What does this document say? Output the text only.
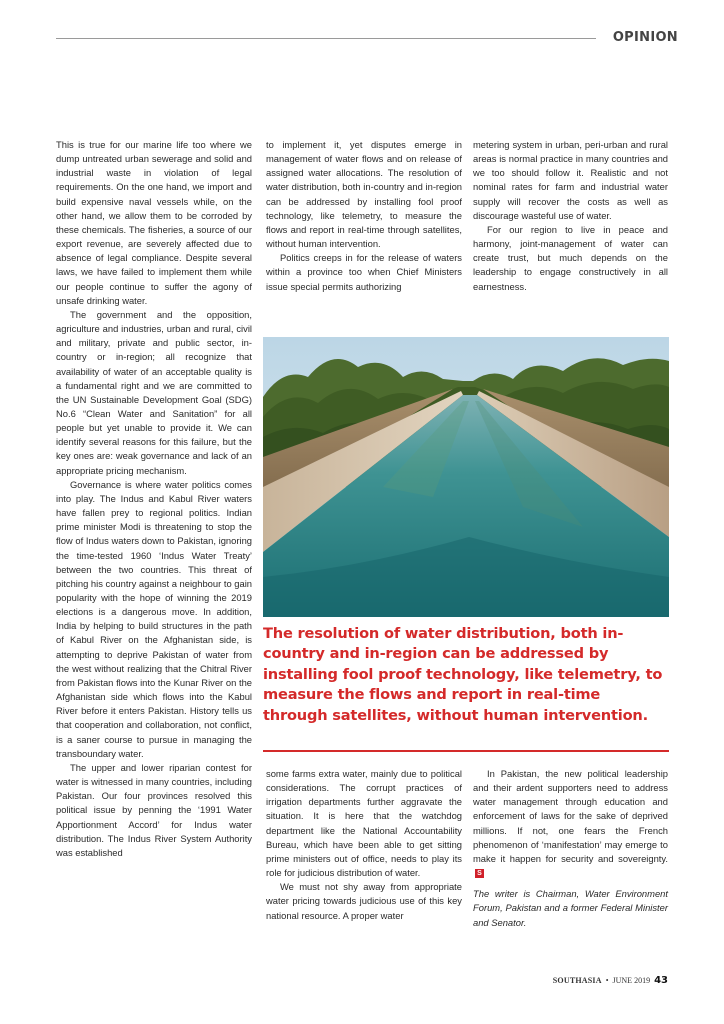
OPINION

This is true for our marine life too where we dump untreated urban sewerage and solid and industrial waste in violation of legal requirements. On the one hand, we import and build expensive naval vessels while, on the other hand, we allow them to be corroded by these chemicals. The fisheries, a source of our export revenue, are severely affected due to absence of legal compliance. Despite several laws, we have failed to implement them while our people continue to suffer the agony of unsafe drinking water.

The government and the opposition, agriculture and industries, urban and rural, civil and military, private and public sector, in-country or in-region; all recognize that availability of water of an acceptable quality is a fundamental right and we are committed to the UN Sustainable Development Goal (SDG) No.6 “Clean Water and Sanitation” for all people but yet unable to provide it. We can identify several reasons for this failure, but the key ones are: weak governance and lack of an appropriate pricing mechanism.

Governance is where water politics comes into play. The Indus and Kabul River waters have fallen prey to regional politics. Indian prime minister Modi is threatening to stop the flow of Indus waters down to Pakistan, ignoring the time-tested 1960 ‘Indus Water Treaty’ between the two countries. This threat of pitching his country against a neighbour to gain popularity with the hope of winning the 2019 elections is a dangerous move. In addition, India by helping to build structures in the path of Kabul River on the Afghanistan side, is attempting to deprive Pakistan of water from the west without realizing that the Chitral River from Pakistan flows into the Kunar River on the Afghanistan side which flows into the Kabul River before it enters Pakistan. History tells us that cooperation and collaboration, not conflict, is a saner course to pursue in managing the transboundary water.

The upper and lower riparian contest for water is witnessed in many countries, including Pakistan. Our four provinces resolved this political issue by penning the ‘1991 Water Apportionment Accord’ for Indus water distribution. The Indus River System Authority was established

to implement it, yet disputes emerge in management of water flows and on release of assigned water allocations. The resolution of water distribution, both in-country and in-region can be addressed by installing fool proof technology, like telemetry, to measure the flows and report in real-time through satellites, without human intervention.

Politics creeps in for the release of waters within a province too when Chief Ministers issue special permits authorizing

metering system in urban, peri-urban and rural areas is normal practice in many countries and we too should follow it. Realistic and not nominal rates for farm and industrial water supply will recover the costs as well as discourage wasteful use of water.

For our region to live in peace and harmony, joint-management of water can create trust, but much depends on the leadership to engage constructively in all earnestness.

The resolution of water distribution, both in-country and in-region can be addressed by installing fool proof technology, like telemetry, to measure the flows and report in real-time through satellites, without human intervention.

some farms extra water, mainly due to political considerations. The corrupt practices of irrigation departments further aggravate the situation. It is here that the watchdog department like the National Accountability Bureau, which have been able to get sitting prime ministers out of office, needs to play its role for judicious distribution of water.

We must not shy away from appropriate water pricing towards judicious use of this key national resource. A proper water

In Pakistan, the new political leadership and their ardent supporters need to address water management through education and enforcement of laws for the sake of deprived millions. If not, one fears the French phenomenon of ‘manifestation’ may emerge to make it happen for security and sovereignty. S

The writer is Chairman, Water Environment Forum, Pakistan and a former Federal Minister and Senator.

SOUTHASIA • JUNE 2019 43
